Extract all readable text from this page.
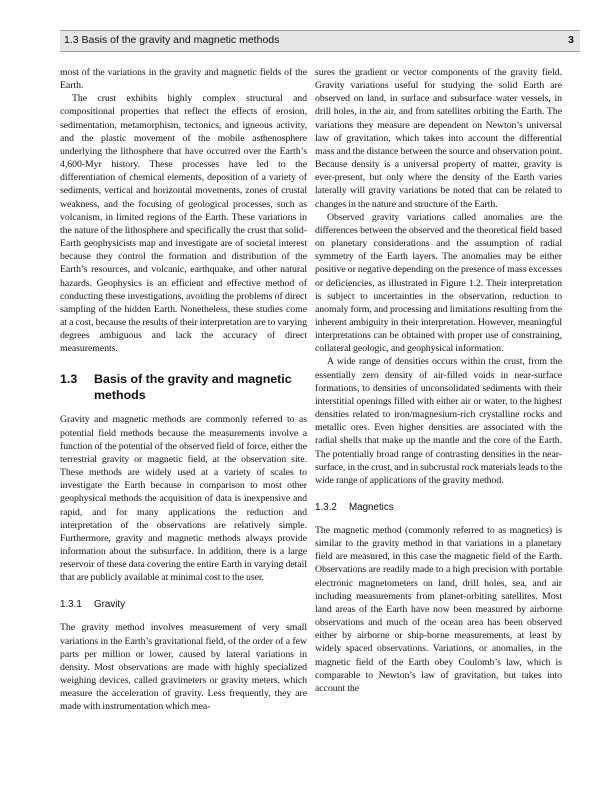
1.3 Basis of the gravity and magnetic methods	3

most of the variations in the gravity and magnetic fields of the Earth.

The crust exhibits highly complex structural and compositional properties that reflect the effects of erosion, sedimentation, metamorphism, tectonics, and igneous activity, and the plastic movement of the mobile asthenosphere underlying the lithosphere that have occurred over the Earth’s 4,600-Myr history. These processes have led to the differentiation of chemical elements, deposition of a variety of sediments, vertical and horizontal movements, zones of crustal weakness, and the focusing of geological processes, such as volcanism, in limited regions of the Earth. These variations in the nature of the lithosphere and specifically the crust that solid-Earth geophysicists map and investigate are of societal interest because they control the formation and distribution of the Earth’s resources, and volcanic, earthquake, and other natural hazards. Geophysics is an efficient and effective method of conducting these investigations, avoiding the problems of direct sampling of the hidden Earth. Nonetheless, these studies come at a cost, because the results of their interpretation are to varying degrees ambiguous and lack the accuracy of direct measurements.

1.3	Basis of the gravity and magnetic methods

Gravity and magnetic methods are commonly referred to as potential field methods because the measurements involve a function of the potential of the observed field of force, either the terrestrial gravity or magnetic field, at the observation site. These methods are widely used at a variety of scales to investigate the Earth because in comparison to most other geophysical methods the acquisition of data is inexpensive and rapid, and for many applications the reduction and interpretation of the observations are relatively simple. Furthermore, gravity and magnetic methods always provide information about the subsurface. In addition, there is a large reservoir of these data covering the entire Earth in varying detail that are publicly available at minimal cost to the user.

1.3.1	Gravity

The gravity method involves measurement of very small variations in the Earth’s gravitational field, of the order of a few parts per million or lower, caused by lateral variations in density. Most observations are made with highly specialized weighing devices, called gravimeters or gravity meters, which measure the acceleration of gravity. Less frequently, they are made with instrumentation which mea-

sures the gradient or vector components of the gravity field. Gravity variations useful for studying the solid Earth are observed on land, in surface and subsurface water vessels, in drill holes, in the air, and from satellites orbiting the Earth. The variations they measure are dependent on Newton’s universal law of gravitation, which takes into account the differential mass and the distance between the source and observation point. Because density is a universal property of matter, gravity is ever-present, but only where the density of the Earth varies laterally will gravity variations be noted that can be related to changes in the nature and structure of the Earth.

Observed gravity variations called anomalies are the differences between the observed and the theoretical field based on planetary considerations and the assumption of radial symmetry of the Earth layers. The anomalies may be either positive or negative depending on the presence of mass excesses or deficiencies, as illustrated in Figure 1.2. Their interpretation is subject to uncertainties in the observation, reduction to anomaly form, and processing and limitations resulting from the inherent ambiguity in their interpretation. However, meaningful interpretations can be obtained with proper use of constraining, collateral geologic, and geophysical information.

A wide range of densities occurs within the crust, from the essentially zero density of air-filled voids in near-surface formations, to densities of unconsolidated sediments with their interstitial openings filled with either air or water, to the highest densities related to iron/magnesium-rich crystalline rocks and metallic ores. Even higher densities are associated with the radial shells that make up the mantle and the core of the Earth. The potentially broad range of contrasting densities in the near-surface, in the crust, and in subcrustal rock materials leads to the wide range of applications of the gravity method.

1.3.2	Magnetics

The magnetic method (commonly referred to as magnetics) is similar to the gravity method in that variations in a planetary field are measured, in this case the magnetic field of the Earth. Observations are readily made to a high precision with portable electronic magnetometers on land, drill holes, sea, and air including measurements from planet-orbiting satellites. Most land areas of the Earth have now been measured by airborne observations and much of the ocean area has been observed either by airborne or ship-borne measurements, at least by widely spaced observations. Variations, or anomalies, in the magnetic field of the Earth obey Coulomb’s law, which is comparable to Newton’s law of gravitation, but takes into account the
